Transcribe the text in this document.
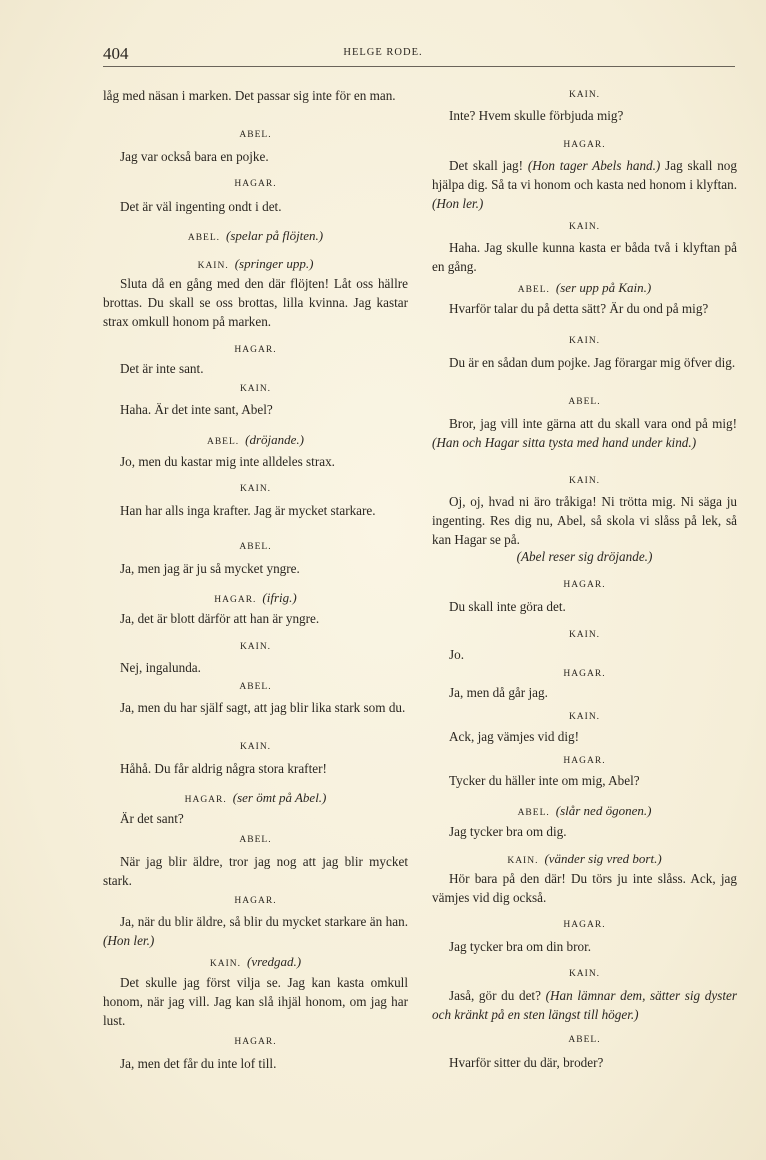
404	HELGE RODE.
låg med näsan i marken. Det passar sig inte för en man.
ABEL.
Jag var också bara en pojke.
HAGAR.
Det är väl ingenting ondt i det.
ABEL. (spelar på flöjten.)
KAIN. (springer upp.)
Sluta då en gång med den där flöjten! Låt oss hällre brottas. Du skall se oss brottas, lilla kvinna. Jag kastar strax omkull honom på marken.
HAGAR.
Det är inte sant.
KAIN.
Haha. Är det inte sant, Abel?
ABEL. (dröjande.)
Jo, men du kastar mig inte alldeles strax.
KAIN.
Han har alls inga krafter. Jag är mycket starkare.
ABEL.
Ja, men jag är ju så mycket yngre.
HAGAR. (ifrig.)
Ja, det är blott därför att han är yngre.
KAIN.
Nej, ingalunda.
ABEL.
Ja, men du har själf sagt, att jag blir lika stark som du.
KAIN.
Håhå. Du får aldrig några stora krafter!
HAGAR. (ser ömt på Abel.)
Är det sant?
ABEL.
När jag blir äldre, tror jag nog att jag blir mycket stark.
HAGAR.
Ja, när du blir äldre, så blir du mycket starkare än han. (Hon ler.)
KAIN. (vredgad.)
Det skulle jag först vilja se. Jag kan kasta omkull honom, när jag vill. Jag kan slå ihjäl honom, om jag har lust.
HAGAR.
Ja, men det får du inte lof till.
KAIN.
Inte? Hvem skulle förbjuda mig?
HAGAR.
Det skall jag! (Hon tager Abels hand.) Jag skall nog hjälpa dig. Så ta vi honom och kasta ned honom i klyftan. (Hon ler.)
KAIN.
Haha. Jag skulle kunna kasta er båda två i klyftan på en gång.
ABEL. (ser upp på Kain.)
Hvarför talar du på detta sätt? Är du ond på mig?
KAIN.
Du är en sådan dum pojke. Jag förargar mig öfver dig.
ABEL.
Bror, jag vill inte gärna att du skall vara ond på mig! (Han och Hagar sitta tysta med hand under kind.)
KAIN.
Oj, oj, hvad ni äro tråkiga! Ni trötta mig. Ni säga ju ingenting. Res dig nu, Abel, så skola vi slåss på lek, så kan Hagar se på.
(Abel reser sig dröjande.)
HAGAR.
Du skall inte göra det.
KAIN.
Jo.
HAGAR.
Ja, men då går jag.
KAIN.
Ack, jag vämjes vid dig!
HAGAR.
Tycker du häller inte om mig, Abel?
ABEL. (slår ned ögonen.)
Jag tycker bra om dig.
KAIN. (vänder sig vred bort.)
Hör bara på den där! Du törs ju inte slåss. Ack, jag vämjes vid dig också.
HAGAR.
Jag tycker bra om din bror.
KAIN.
Jaså, gör du det? (Han lämnar dem, sätter sig dyster och kränkt på en sten längst till höger.)
ABEL.
Hvarför sitter du där, broder?
